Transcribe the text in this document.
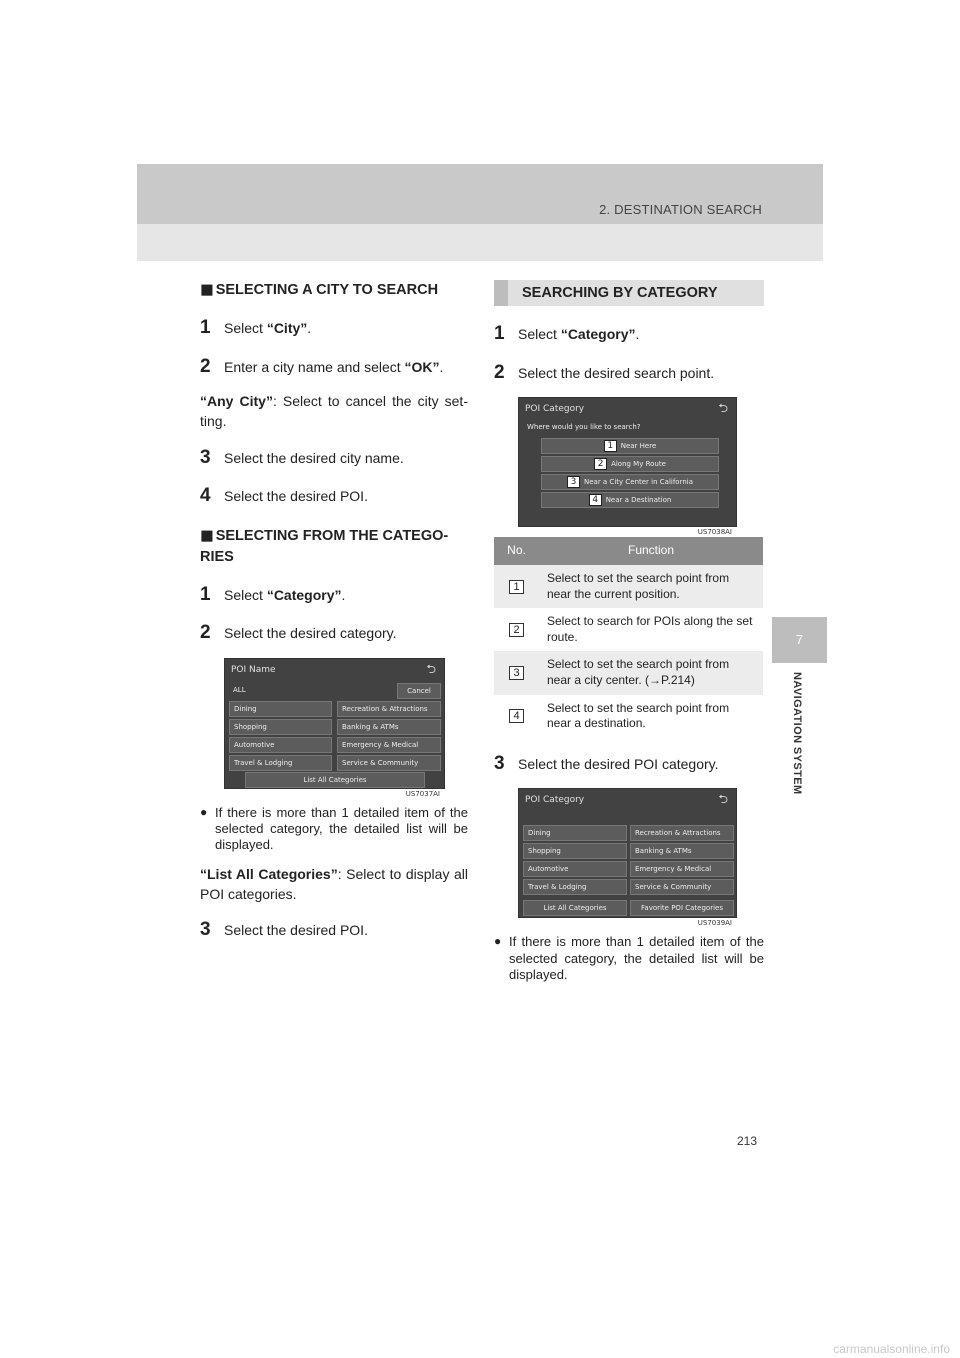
2. DESTINATION SEARCH
7
NAVIGATION SYSTEM
■ SELECTING A CITY TO SEARCH
1 Select “City”.
2 Enter a city name and select “OK”.
“Any City”: Select to cancel the city set-ting.
3 Select the desired city name.
4 Select the desired POI.
■ SELECTING FROM THE CATEGO-RIES
1 Select “Category”.
2 Select the desired category.
POI Name	⮌
ALL	Cancel
Dining
Shopping
Automotive
Travel & Lodging
Recreation & Attractions
Banking & ATMs
Emergency & Medical
Service & Community
List All Categories
US7037AI
● If there is more than 1 detailed item of the selected category, the detailed list will be displayed.
“List All Categories”: Select to display all POI categories.
3 Select the desired POI.
SEARCHING BY CATEGORY
1 Select “Category”.
2 Select the desired search point.
POI Category	⮌
Where would you like to search?
1 Near Here
2 Along My Route
3 Near a City Center in California
4 Near a Destination
US7038AI
No.	Function
1	Select to set the search point from near the current position.
2	Select to search for POIs along the set route.
3	Select to set the search point from near a city center. (→P.214)
4	Select to set the search point from near a destination.
3 Select the desired POI category.
POI Category	⮌
Dining
Shopping
Automotive
Travel & Lodging
Recreation & Attractions
Banking & ATMs
Emergency & Medical
Service & Community
List All Categories	Favorite POI Categories
US7039AI
● If there is more than 1 detailed item of the selected category, the detailed list will be displayed.
213
carmanualsonline.info
